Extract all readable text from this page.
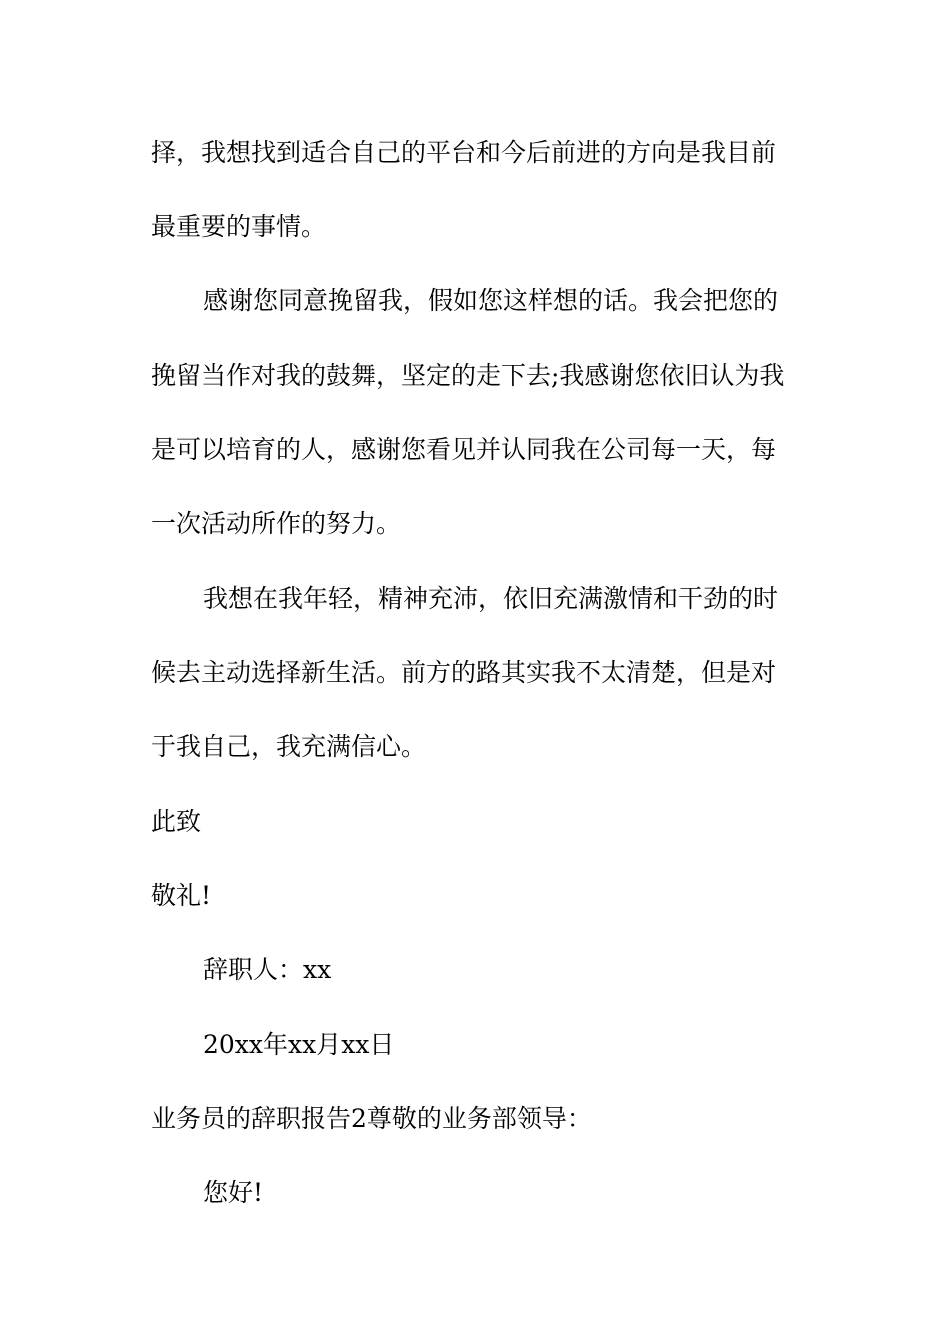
择，我想找到适合自己的平台和今后前进的方向是我目前
最重要的事情。
感谢您同意挽留我，假如您这样想的话。我会把您的
挽留当作对我的鼓舞，坚定的走下去;我感谢您依旧认为我
是可以培育的人，感谢您看见并认同我在公司每一天，每
一次活动所作的努力。
我想在我年轻，精神充沛，依旧充满激情和干劲的时
候去主动选择新生活。前方的路其实我不太清楚，但是对
于我自己，我充满信心。
此致
敬礼!
辞职人：xx
20xx年xx月xx日
业务员的辞职报告2尊敬的业务部领导：
您好!
